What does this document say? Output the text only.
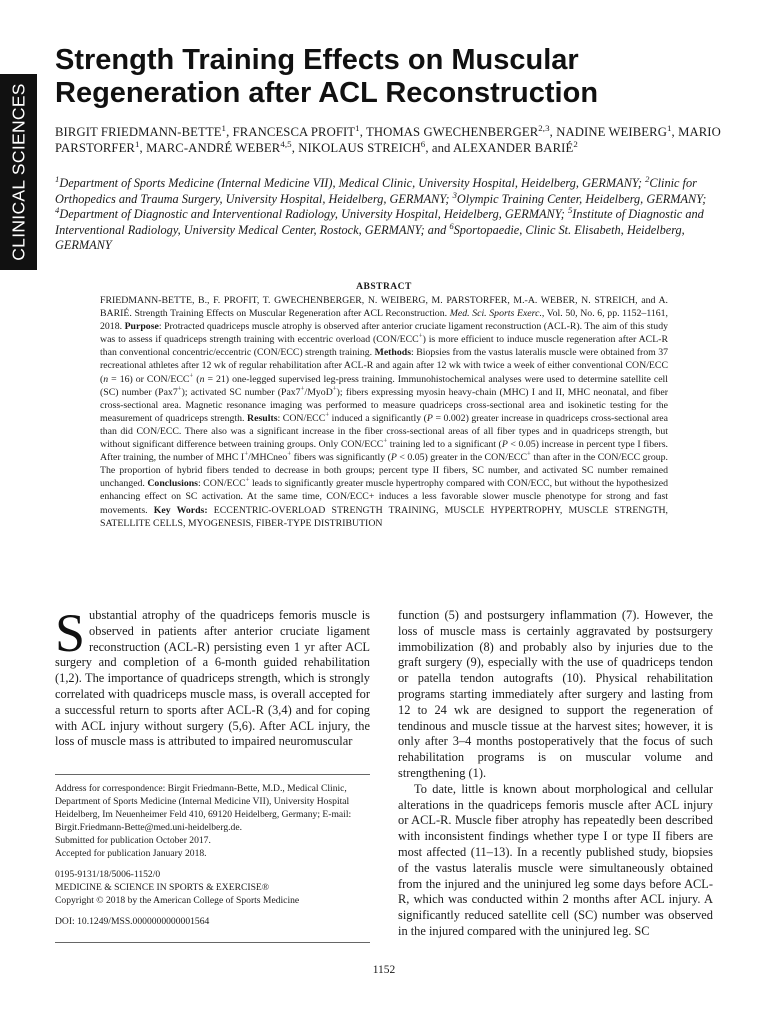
CLINICAL SCIENCES
Strength Training Effects on Muscular Regeneration after ACL Reconstruction

BIRGIT FRIEDMANN-BETTE$^1$, FRANCESCA PROFIT$^1$, THOMAS GWECHENBERGER$^{2,3}$, NADINE WEIBERG$^1$, MARIO PARSTORFER$^1$, MARC-ANDRÉ WEBER$^{4,5}$, NIKOLAUS STREICH$^6$, and ALEXANDER BARIÉ$^2$

$^1$Department of Sports Medicine (Internal Medicine VII), Medical Clinic, University Hospital, Heidelberg, GERMANY; $^2$Clinic for Orthopedics and Trauma Surgery, University Hospital, Heidelberg, GERMANY; $^3$Olympic Training Center, Heidelberg, GERMANY; $^4$Department of Diagnostic and Interventional Radiology, University Hospital, Heidelberg, GERMANY; $^5$Institute of Diagnostic and Interventional Radiology, University Medical Center, Rostock, GERMANY; and $^6$Sportopaedie, Clinic St. Elisabeth, Heidelberg, GERMANY

ABSTRACT

FRIEDMANN-BETTE, B., F. PROFIT, T. GWECHENBERGER, N. WEIBERG, M. PARSTORFER, M.-A. WEBER, N. STREICH, and A. BARIÉ. Strength Training Effects on Muscular Regeneration after ACL Reconstruction. Med. Sci. Sports Exerc., Vol. 50, No. 6, pp. 1152–1161, 2018. Purpose: Protracted quadriceps muscle atrophy is observed after anterior cruciate ligament reconstruction (ACL-R). The aim of this study was to assess if quadriceps strength training with eccentric overload (CON/ECC+) is more efficient to induce muscle regeneration after ACL-R than conventional concentric/eccentric (CON/ECC) strength training. Methods: Biopsies from the vastus lateralis muscle were obtained from 37 recreational athletes after 12 wk of regular rehabilitation after ACL-R and again after 12 wk with twice a week of either conventional CON/ECC (n = 16) or CON/ECC+ (n = 21) one-legged supervised leg-press training. Immunohistochemical analyses were used to determine satellite cell (SC) number (Pax7+); activated SC number (Pax7+/MyoD+); fibers expressing myosin heavy-chain (MHC) I and II, MHC neonatal, and fiber cross-sectional area. Magnetic resonance imaging was performed to measure quadriceps cross-sectional area and isokinetic testing for the measurement of quadriceps strength. Results: CON/ECC+ induced a significantly (P = 0.002) greater increase in quadriceps cross-sectional area than did CON/ECC. There also was a significant increase in the fiber cross-sectional areas of all fiber types and in quadriceps strength, but without significant difference between training groups. Only CON/ECC+ training led to a significant (P < 0.05) increase in percent type I fibers. After training, the number of MHC I+/MHCneo+ fibers was significantly (P < 0.05) greater in the CON/ECC+ than after in the CON/ECC group. The proportion of hybrid fibers tended to decrease in both groups; percent type II fibers, SC number, and activated SC number remained unchanged. Conclusions: CON/ECC+ leads to significantly greater muscle hypertrophy compared with CON/ECC, but without the hypothesized enhancing effect on SC activation. At the same time, CON/ECC+ induces a less favorable slower muscle phenotype for strong and fast movements. Key Words: ECCENTRIC-OVERLOAD STRENGTH TRAINING, MUSCLE HYPERTROPHY, MUSCLE STRENGTH, SATELLITE CELLS, MYOGENESIS, FIBER-TYPE DISTRIBUTION

Substantial atrophy of the quadriceps femoris muscle is observed in patients after anterior cruciate ligament reconstruction (ACL-R) persisting even 1 yr after ACL surgery and completion of a 6-month guided rehabilitation (1,2). The importance of quadriceps strength, which is strongly correlated with quadriceps muscle mass, is overall accepted for a successful return to sports after ACL-R (3,4) and for coping with ACL injury without surgery (5,6). After ACL injury, the loss of muscle mass is attributed to impaired neuromuscular

function (5) and postsurgery inflammation (7). However, the loss of muscle mass is certainly aggravated by postsurgery immobilization (8) and probably also by injuries due to the graft surgery (9), especially with the use of quadriceps tendon or patella tendon autografts (10). Physical rehabilitation programs starting immediately after surgery and lasting from 12 to 24 wk are designed to support the regeneration of tendinous and muscle tissue at the harvest sites; however, it is only after 3–4 months postoperatively that the focus of such rehabilitation programs is on muscular volume and strengthening (1).

To date, little is known about morphological and cellular alterations in the quadriceps femoris muscle after ACL injury or ACL-R. Muscle fiber atrophy has repeatedly been described with inconsistent findings whether type I or type II fibers are most affected (11–13). In a recently published study, biopsies of the vastus lateralis muscle were simultaneously obtained from the injured and the uninjured leg some days before ACL-R, which was conducted within 2 months after ACL injury. A significantly reduced satellite cell (SC) number was observed in the injured compared with the uninjured leg. SC

Address for correspondence: Birgit Friedmann-Bette, M.D., Medical Clinic,
Department of Sports Medicine (Internal Medicine VII), University Hospital
Heidelberg, Im Neuenheimer Feld 410, 69120 Heidelberg, Germany; E-mail:
Birgit.Friedmann-Bette@med.uni-heidelberg.de.
Submitted for publication October 2017.
Accepted for publication January 2018.
0195-9131/18/5006-1152/0
MEDICINE & SCIENCE IN SPORTS & EXERCISE®
Copyright © 2018 by the American College of Sports Medicine
DOI: 10.1249/MSS.0000000000001564
1152
